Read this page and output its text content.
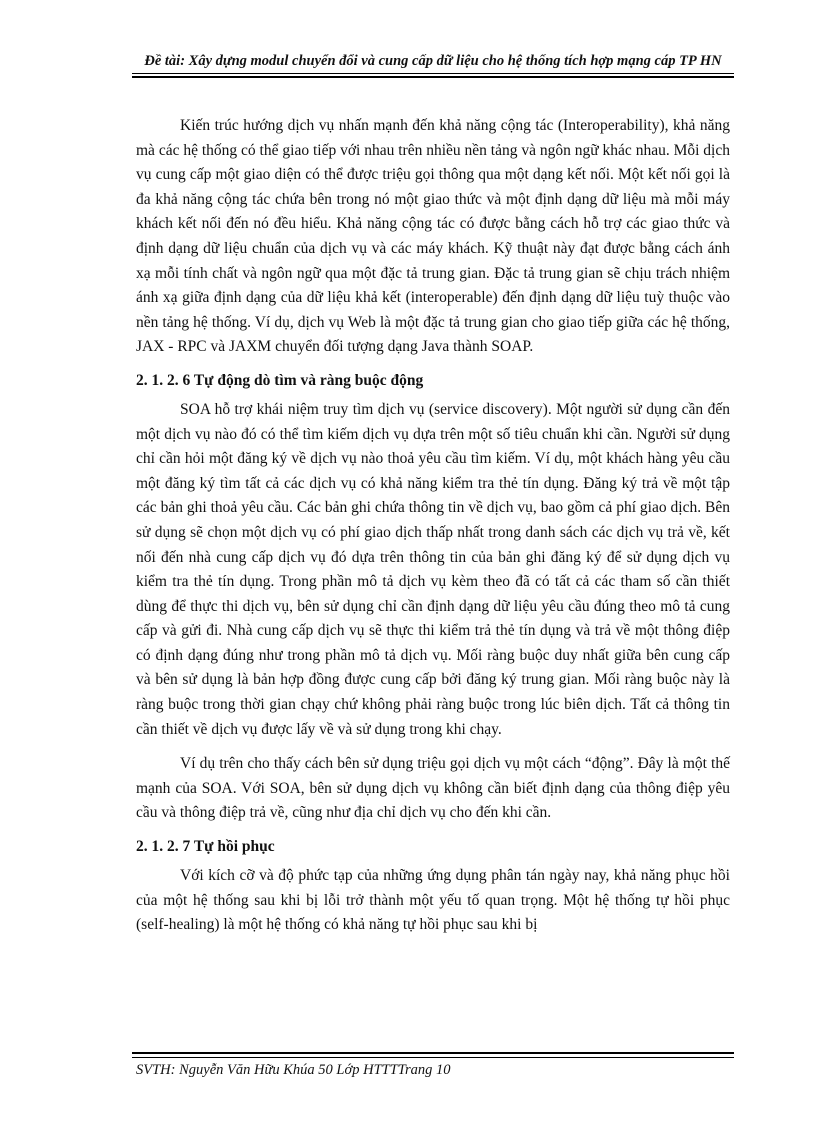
Đề tài: Xây dựng modul chuyển đổi và cung cấp dữ liệu cho hệ thống tích hợp mạng cáp TP HN

Kiến trúc hướng dịch vụ nhấn mạnh đến khả năng cộng tác (Interoperability), khả năng mà các hệ thống có thể giao tiếp với nhau trên nhiều nền tảng và ngôn ngữ khác nhau. Mỗi dịch vụ cung cấp một giao diện có thể được triệu gọi thông qua một dạng kết nối. Một kết nối gọi là đa khả năng cộng tác chứa bên trong nó một giao thức và một định dạng dữ liệu mà mỗi máy khách kết nối đến nó đều hiểu. Khả năng cộng tác có được bằng cách hỗ trợ các giao thức và định dạng dữ liệu chuẩn của dịch vụ và các máy khách. Kỹ thuật này đạt được bằng cách ánh xạ mỗi tính chất và ngôn ngữ qua một đặc tả trung gian. Đặc tả trung gian sẽ chịu trách nhiệm ánh xạ giữa định dạng của dữ liệu khả kết (interoperable) đến định dạng dữ liệu tuỳ thuộc vào nền tảng hệ thống. Ví dụ, dịch vụ Web là một đặc tả trung gian cho giao tiếp giữa các hệ thống, JAX - RPC và JAXM chuyển đối tượng dạng Java thành SOAP.

2. 1. 2. 6 Tự động dò tìm và ràng buộc động

SOA hỗ trợ khái niệm truy tìm dịch vụ (service discovery). Một người sử dụng cần đến một dịch vụ nào đó có thể tìm kiếm dịch vụ dựa trên một số tiêu chuẩn khi cần. Người sử dụng chỉ cần hỏi một đăng ký về dịch vụ nào thoả yêu cầu tìm kiếm. Ví dụ, một khách hàng yêu cầu một đăng ký tìm tất cả các dịch vụ có khả năng kiểm tra thẻ tín dụng. Đăng ký trả về một tập các bản ghi thoả yêu cầu. Các bản ghi chứa thông tin về dịch vụ, bao gồm cả phí giao dịch. Bên sử dụng sẽ chọn một dịch vụ có phí giao dịch thấp nhất trong danh sách các dịch vụ trả về, kết nối đến nhà cung cấp dịch vụ đó dựa trên thông tin của bản ghi đăng ký để sử dụng dịch vụ kiểm tra thẻ tín dụng. Trong phần mô tả dịch vụ kèm theo đã có tất cả các tham số cần thiết dùng để thực thi dịch vụ, bên sử dụng chỉ cần định dạng dữ liệu yêu cầu đúng theo mô tả cung cấp và gửi đi. Nhà cung cấp dịch vụ sẽ thực thi kiểm trả thẻ tín dụng và trả về một thông điệp có định dạng đúng như trong phần mô tả dịch vụ. Mối ràng buộc duy nhất giữa bên cung cấp và bên sử dụng là bản hợp đồng được cung cấp bởi đăng ký trung gian. Mối ràng buộc này là ràng buộc trong thời gian chạy chứ không phải ràng buộc trong lúc biên dịch. Tất cả thông tin cần thiết về dịch vụ được lấy về và sử dụng trong khi chạy.

Ví dụ trên cho thấy cách bên sử dụng triệu gọi dịch vụ một cách “động”. Đây là một thế mạnh của SOA. Với SOA, bên sử dụng dịch vụ không cần biết định dạng của thông điệp yêu cầu và thông điệp trả về, cũng như địa chỉ dịch vụ cho đến khi cần.

2. 1. 2. 7 Tự hồi phục

Với kích cỡ và độ phức tạp của những ứng dụng phân tán ngày nay, khả năng phục hồi của một hệ thống sau khi bị lỗi trở thành một yếu tố quan trọng. Một hệ thống tự hồi phục (self-healing) là một hệ thống có khả năng tự hồi phục sau khi bị

SVTH: Nguyễn Văn Hữu Khúa 50 Lớp HTTTTrang 10
